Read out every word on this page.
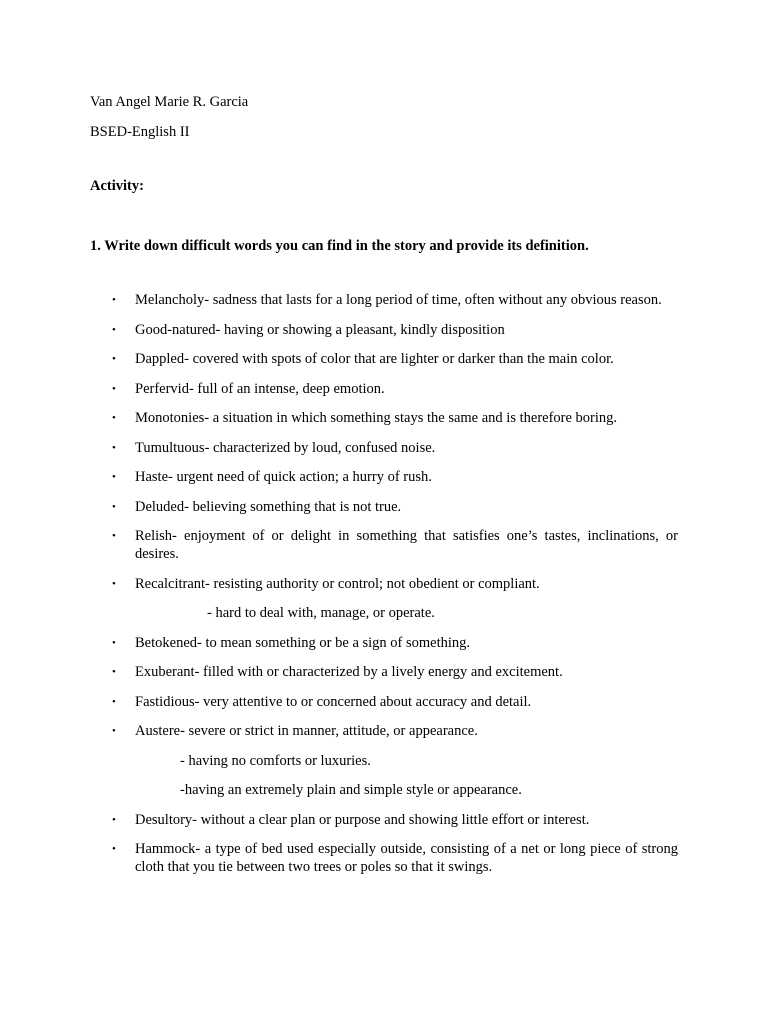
Van Angel Marie R. Garcia

BSED-English II

Activity:

1. Write down difficult words you can find in the story and provide its definition.

• Melancholy- sadness that lasts for a long period of time, often without any obvious reason.
• Good-natured- having or showing a pleasant, kindly disposition
• Dappled- covered with spots of color that are lighter or darker than the main color.
• Perfervid- full of an intense, deep emotion.
• Monotonies- a situation in which something stays the same and is therefore boring.
• Tumultuous- characterized by loud, confused noise.
• Haste- urgent need of quick action; a hurry of rush.
• Deluded- believing something that is not true.
• Relish- enjoyment of or delight in something that satisfies one’s tastes, inclinations, or desires.
• Recalcitrant- resisting authority or control; not obedient or compliant.

- hard to deal with, manage, or operate.

• Betokened- to mean something or be a sign of something.
• Exuberant- filled with or characterized by a lively energy and excitement.
• Fastidious- very attentive to or concerned about accuracy and detail.
• Austere- severe or strict in manner, attitude, or appearance.

- having no comforts or luxuries.

-having an extremely plain and simple style or appearance.

• Desultory- without a clear plan or purpose and showing little effort or interest.
• Hammock- a type of bed used especially outside, consisting of a net or long piece of strong cloth that you tie between two trees or poles so that it swings.
